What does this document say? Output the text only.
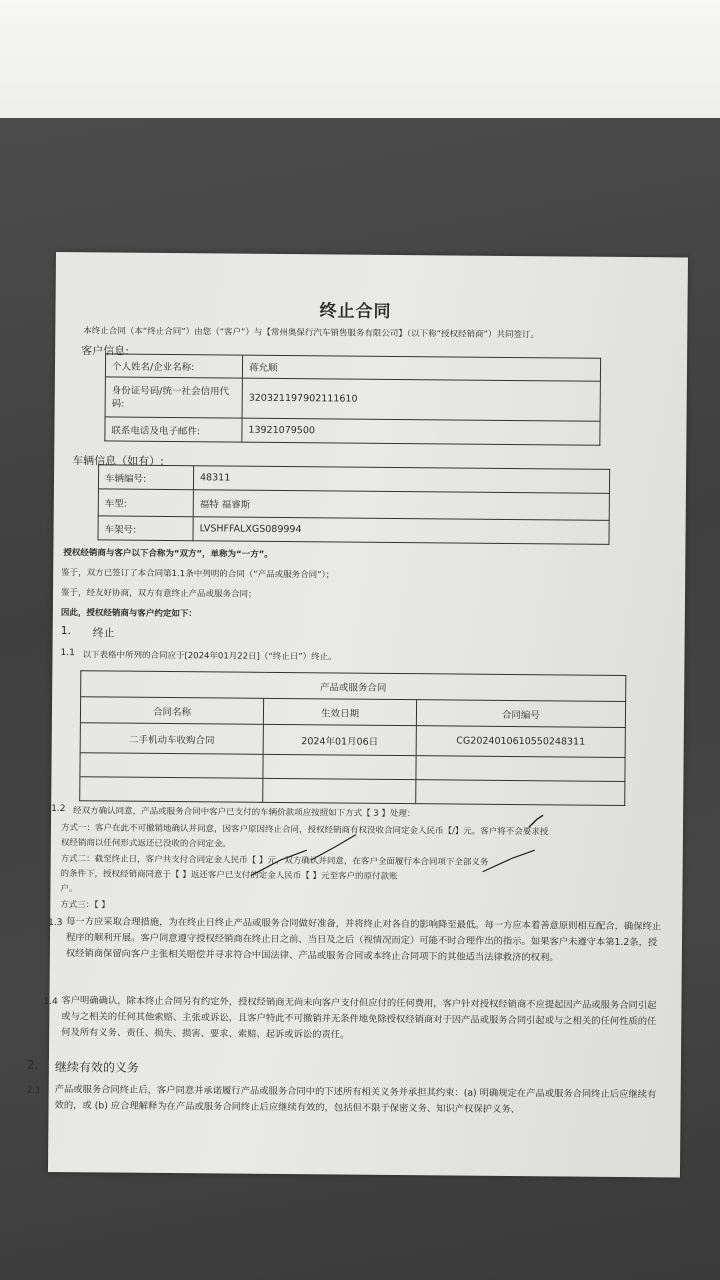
终止合同
本终止合同（本“终止合同”）由您（“客户”）与【常州奥保行汽车销售服务有限公司】（以下称“授权经销商”）共同签订。
客户信息:
个人姓名/企业名称:	蒋允顺
身份证号码/统一社会信用代码:	320321197902111610
联系电话及电子邮件:	13921079500
车辆信息（如有）:
车辆编号:	48311
车型:	福特 福睿斯
车架号:	LVSHFFALXGS089994
授权经销商与客户以下合称为“双方”，单称为“一方”。
鉴于，双方已签订了本合同第1.1条中列明的合同（“产品或服务合同”）；
鉴于，经友好协商，双方有意终止产品或服务合同；
因此，授权经销商与客户约定如下：
1. 终止
1.1 以下表格中所列的合同应于[2024年01月22日]（“终止日”）终止。
产品或服务合同		
合同名称	生效日期	合同编号
二手机动车收购合同	2024年01月06日	CG20240106105502483​11

1.2 经双方确认同意，产品或服务合同中客户已支付的车辆价款项应按照如下方式【 3 】处理：
方式一：客户在此不可撤销地确认并同意，因客户原因终止合同，授权经销商有权没收合同定金人民币【/】元。客户将不会要求授
权经销商以任何形式返还已没收的合同定金。
方式二：截至终止日，客户共支付合同定金人民币【 】元，双方确认并同意，在客户全面履行本合同项下全部义务
的条件下，授权经销商同意于【 】返还客户已支付的定金人民币【 】元至客户的原付款账
户。
方式三：【 】
1.3 每一方应采取合理措施，为在终止日终止产品或服务合同做好准备，并将终止对各自的影响降至最低。每一方应本着善意原则相互配合，确保终止程序的顺利开展。客户同意遵守授权经销商在终止日之前、当日及之后（视情况而定）可能不时合理作出的指示。如果客户未遵守本第1.2条，授权经销商保留向客户主张相关赔偿并寻求符合中国法律、产品或服务合同或本终止合同项下的其他适当法律救济的权利。
1.4 客户明确确认，除本终止合同另有约定外，授权经销商无尚未向客户支付但应付的任何费用，客户针对授权经销商不应提起因产品或服务合同引起或与之相关的任何其他索赔、主张或诉讼，且客户特此不可撤销并无条件地免除授权经销商对于因产品或服务合同引起或与之相关的任何性质的任何及所有义务、责任、损失、损害、要求、索赔、起诉或诉讼的责任。
2. 继续有效的义务
2.1 产品或服务合同终止后，客户同意并承诺履行产品或服务合同中的下述所有相关义务并承担其约束：(a) 明确规定在产品或服务合同终止后应继续有效的，或 (b) 应合理解释为在产品或服务合同终止后应继续有效的，包括但不限于保密义务、知识产权保护义务、
